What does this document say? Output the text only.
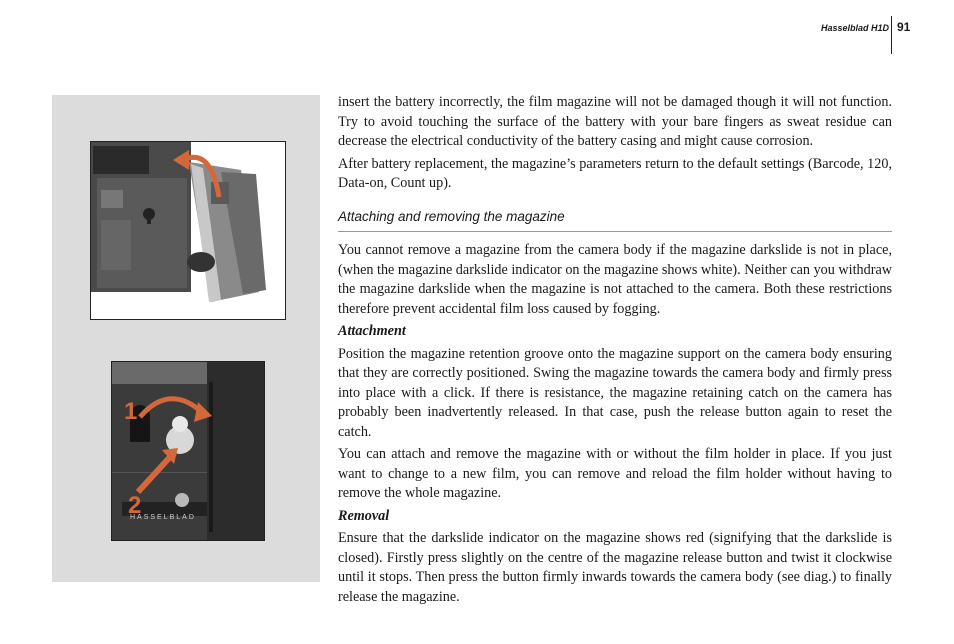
Hasselblad H1D 91
1
2
HASSELBLAD

insert the battery incorrectly, the film magazine will not be damaged though it will not function. Try to avoid touching the surface of the battery with your bare fingers as sweat residue can decrease the electrical conductivity of the battery casing and might cause corrosion.

After battery replacement, the magazine’s parameters return to the default settings (Barcode, 120, Data-on, Count up).

Attaching and removing the magazine

You cannot remove a magazine from the camera body if the magazine darkslide is not in place, (when the magazine darkslide indicator on the magazine shows white). Neither can you withdraw the magazine darkslide when the magazine is not attached to the camera. Both these restrictions therefore prevent accidental film loss caused by fogging.

Attachment

Position the magazine retention groove onto the magazine support on the camera body ensuring that they are correctly positioned. Swing the magazine towards the camera body and firmly press into place with a click. If there is resistance, the magazine retaining catch on the camera has probably been inadvertently released. In that case, push the release button again to reset the catch.

You can attach and remove the magazine with or without the film holder in place. If you just want to change to a new film, you can remove and reload the film holder without having to remove the whole magazine.

Removal

Ensure that the darkslide indicator on the magazine shows red (signifying that the darkslide is closed). Firstly press slightly on the centre of the magazine release button and twist it clockwise until it stops. Then press the button firmly inwards towards the camera body (see diag.) to finally release the magazine.
